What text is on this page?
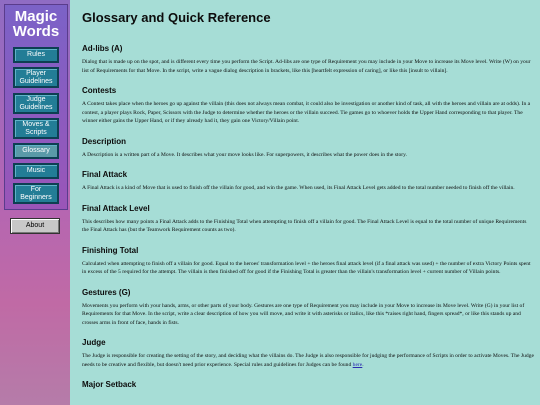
Magic Words
Rules
Player Guidelines
Judge Guidelines
Moves & Scripts
Glossary
Music
For Beginners
About
Glossary and Quick Reference
Ad-libs (A)

Dialog that is made up on the spot, and is different every time you perform the Script. Ad-libs are one type of Requirement you may include in your Move to increase its Move level. Write (W) on your list of Requirements for that Move. In the script, write a vague dialog description in brackets, like this [heartfelt expression of caring], or like this [insult to villain].

Contests

A Contest takes place when the heroes go up against the villain (this does not always mean combat, it could also be investigation or another kind of task, all with the heroes and villain are at odds). In a contest, a player plays Rock, Paper, Scissors with the Judge to determine whether the heroes or the villain succeed. Tie games go to whoever holds the Upper Hand corresponding to that player. The winner either gains the Upper Hand, or if they already had it, they gain one Victory/Villain point.

Description

A Description is a written part of a Move. It describes what your move looks like. For superpowers, it describes what the power does in the story.

Final Attack

A Final Attack is a kind of Move that is used to finish off the villain for good, and win the game. When used, its Final Attack Level gets added to the total number needed to finish off the villain.

Final Attack Level

This describes how many points a Final Attack adds to the Finishing Total when attempting to finish off a villain for good. The Final Attack Level is equal to the total number of unique Requirements the Final Attack has (but the Teamwork Requirement counts as two).

Finishing Total

Calculated when attempting to finish off a villain for good. Equal to the heroes' transformation level + the heroes final attack level (if a final attack was used) + the number of extra Victory Points spent in excess of the 5 required for the attempt. The villain is then finished off for good if the Finishing Total is greater than the villain's transformation level + current number of Villain points.

Gestures (G)

Movements you perform with your hands, arms, or other parts of your body. Gestures are one type of Requirement you may include in your Move to increase its Move level. Write (G) in your list of Requirements for that Move. In the script, write a clear description of how you will move, and write it with asterisks or italics, like this *raises right hand, fingers spread*, or like this stands up and crosses arms in front of face, hands in fists.

Judge

The Judge is responsible for creating the setting of the story, and deciding what the villains do. The Judge is also responsible for judging the performance of Scripts in order to activate Moves. The Judge needs to be creative and flexible, but doesn't need prior experience. Special rules and guidelines for Judges can be found here.

Major Setback
